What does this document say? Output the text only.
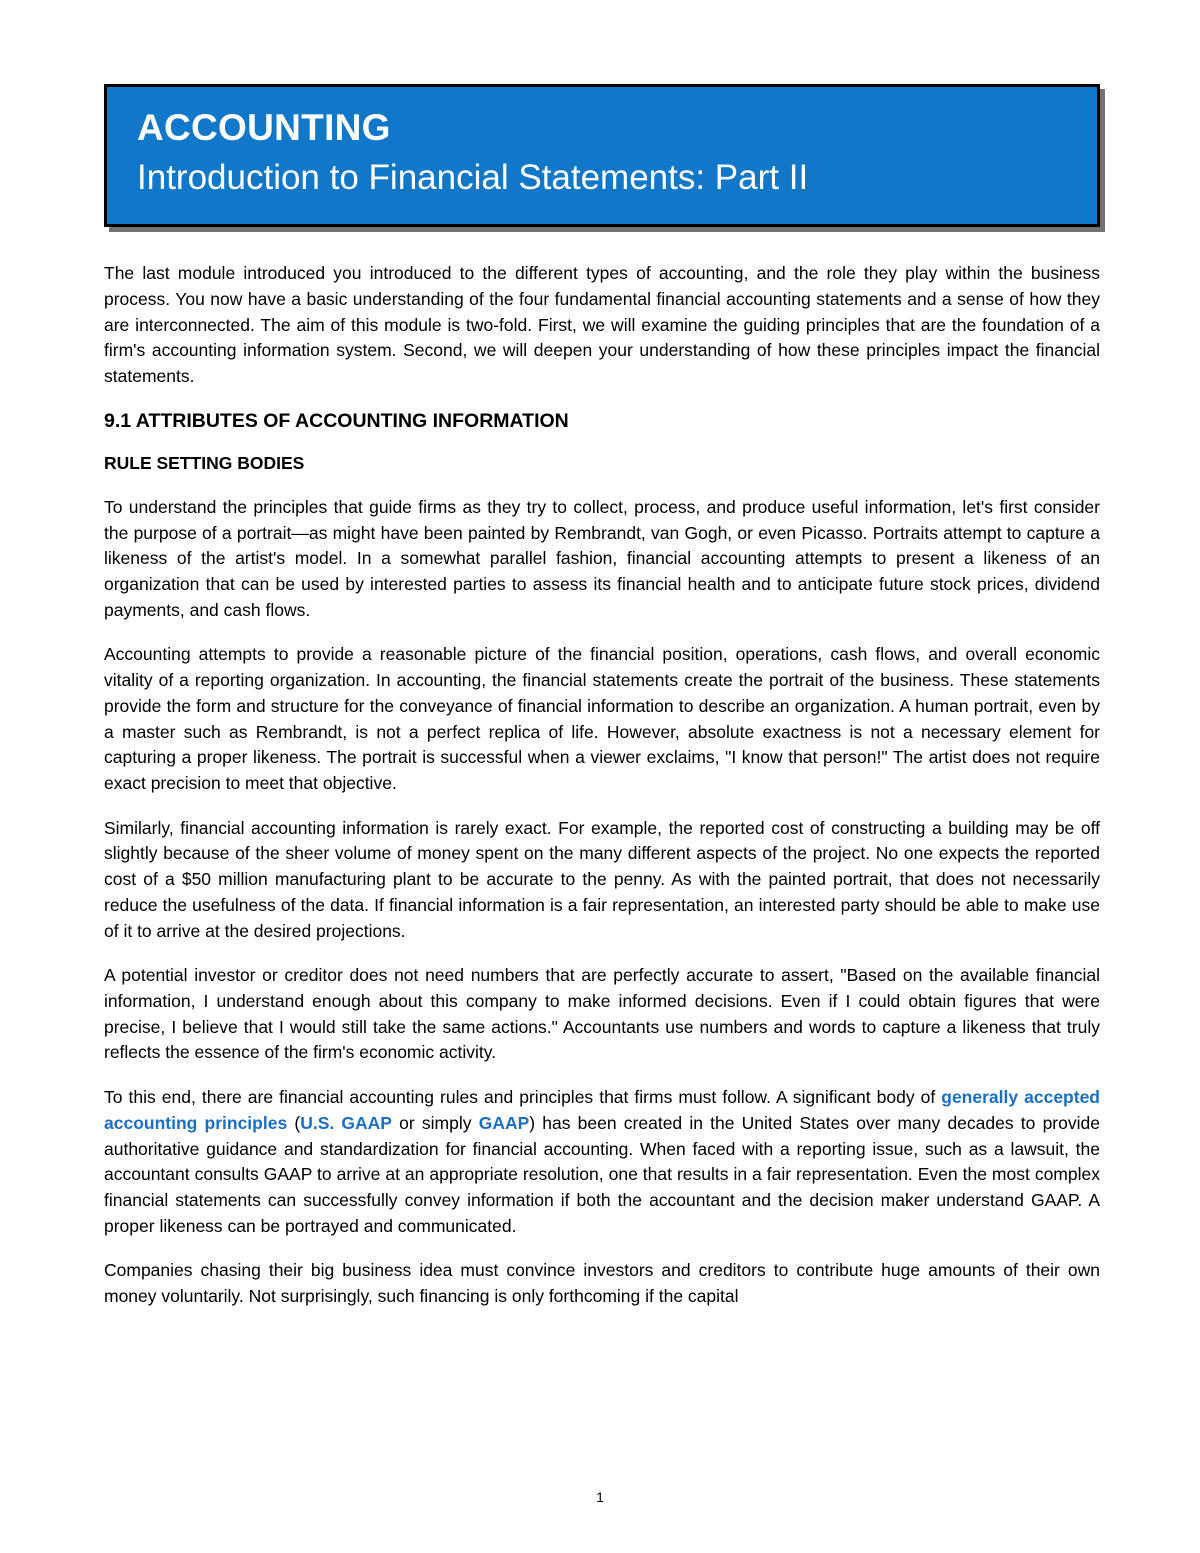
ACCOUNTING
Introduction to Financial Statements: Part II

The last module introduced you introduced to the different types of accounting, and the role they play within the business process. You now have a basic understanding of the four fundamental financial accounting statements and a sense of how they are interconnected. The aim of this module is two-fold. First, we will examine the guiding principles that are the foundation of a firm's accounting information system. Second, we will deepen your understanding of how these principles impact the financial statements.

9.1 ATTRIBUTES OF ACCOUNTING INFORMATION
RULE SETTING BODIES

To understand the principles that guide firms as they try to collect, process, and produce useful information, let's first consider the purpose of a portrait—as might have been painted by Rembrandt, van Gogh, or even Picasso. Portraits attempt to capture a likeness of the artist's model. In a somewhat parallel fashion, financial accounting attempts to present a likeness of an organization that can be used by interested parties to assess its financial health and to anticipate future stock prices, dividend payments, and cash flows.

Accounting attempts to provide a reasonable picture of the financial position, operations, cash flows, and overall economic vitality of a reporting organization. In accounting, the financial statements create the portrait of the business. These statements provide the form and structure for the conveyance of financial information to describe an organization. A human portrait, even by a master such as Rembrandt, is not a perfect replica of life. However, absolute exactness is not a necessary element for capturing a proper likeness. The portrait is successful when a viewer exclaims, "I know that person!" The artist does not require exact precision to meet that objective.

Similarly, financial accounting information is rarely exact. For example, the reported cost of constructing a building may be off slightly because of the sheer volume of money spent on the many different aspects of the project. No one expects the reported cost of a $50 million manufacturing plant to be accurate to the penny. As with the painted portrait, that does not necessarily reduce the usefulness of the data. If financial information is a fair representation, an interested party should be able to make use of it to arrive at the desired projections.

A potential investor or creditor does not need numbers that are perfectly accurate to assert, "Based on the available financial information, I understand enough about this company to make informed decisions. Even if I could obtain figures that were precise, I believe that I would still take the same actions." Accountants use numbers and words to capture a likeness that truly reflects the essence of the firm's economic activity.

To this end, there are financial accounting rules and principles that firms must follow. A significant body of generally accepted accounting principles (U.S. GAAP or simply GAAP) has been created in the United States over many decades to provide authoritative guidance and standardization for financial accounting. When faced with a reporting issue, such as a lawsuit, the accountant consults GAAP to arrive at an appropriate resolution, one that results in a fair representation. Even the most complex financial statements can successfully convey information if both the accountant and the decision maker understand GAAP. A proper likeness can be portrayed and communicated.

Companies chasing their big business idea must convince investors and creditors to contribute huge amounts of their own money voluntarily. Not surprisingly, such financing is only forthcoming if the capital

1
